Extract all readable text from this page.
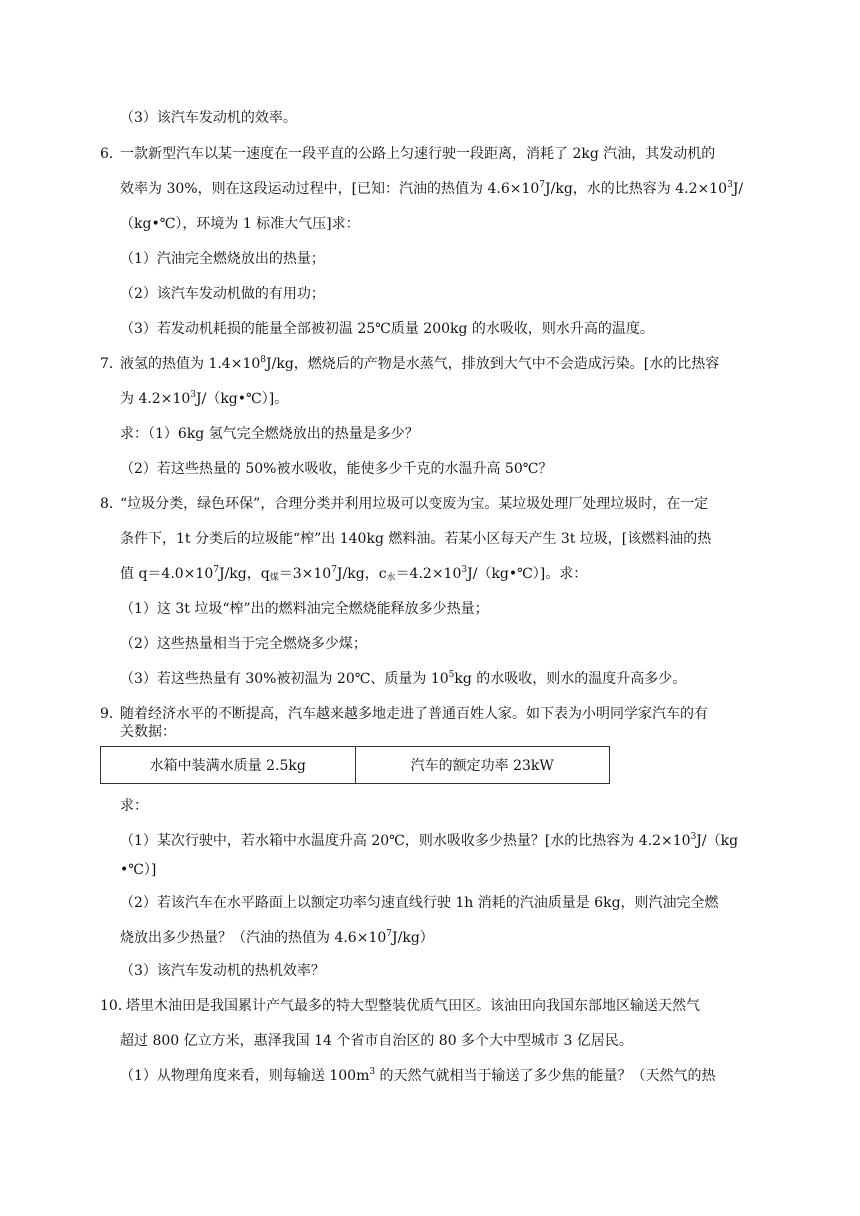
（3）该汽车发动机的效率。
6．
一款新型汽车以某一速度在一段平直的公路上匀速行驶一段距离，消耗了 2kg 汽油，其发动机的
效率为 30%，则在这段运动过程中，[已知：汽油的热值为 $4.6\times 10^7J/kg$，水的比热容为 $4.2\times 10^3J/$
（kg•℃），环境为 1 标准大气压]求：
（1）汽油完全燃烧放出的热量；
（2）该汽车发动机做的有用功；
（3）若发动机耗损的能量全部被初温 25℃质量 200kg 的水吸收，则水升高的温度。
7．
液氢的热值为 $1.4\times 10^8J/kg$，燃烧后的产物是水蒸气，排放到大气中不会造成污染。[水的比热容
为 $4.2\times 10^3J/(kg•℃)$]。
求：（1）6kg 氢气完全燃烧放出的热量是多少？
（2）若这些热量的 50%被水吸收，能使多少千克的水温升高 50℃？
8．
“垃圾分类，绿色环保”，合理分类并利用垃圾可以变废为宝。某垃圾处理厂处理垃圾时，在一定
条件下，1t 分类后的垃圾能“榨”出 140kg 燃料油。若某小区每天产生 3t 垃圾，[该燃料油的热
值 $q=4.0\times 10^7J/kg$，$q_煤=3\times 10^7J/kg$，$c_水=4.2\times 10^3J/(kg•℃)$]。求：
（1）这 3t 垃圾“榨”出的燃料油完全燃烧能释放多少热量；
（2）这些热量相当于完全燃烧多少煤；
（3）若这些热量有 30%被初温为 20℃、质量为 $10^5kg$ 的水吸收，则水的温度升高多少。
9．
随着经济水平的不断提高，汽车越来越多地走进了普通百姓人家。如下表为小明同学家汽车的有
关数据：
水箱中装满水质量 2.5kg	汽车的额定功率 23kW
求：
（1）某次行驶中，若水箱中水温度升高 20℃，则水吸收多少热量？[水的比热容为 $4.2\times 10^3J/(kg$
•℃）]
（2）若该汽车在水平路面上以额定功率匀速直线行驶 1h 消耗的汽油质量是 6kg，则汽油完全燃
烧放出多少热量？（汽油的热值为 $4.6\times 10^7J/kg$）
（3）该汽车发动机的热机效率？
10．
塔里木油田是我国累计产气最多的特大型整装优质气田区。该油田向我国东部地区输送天然气
超过 800 亿立方米，惠泽我国 14 个省市自治区的 80 多个大中型城市 3 亿居民。
（1）从物理角度来看，则每输送 $100m^3$ 的天然气就相当于输送了多少焦的能量？（天然气的热
